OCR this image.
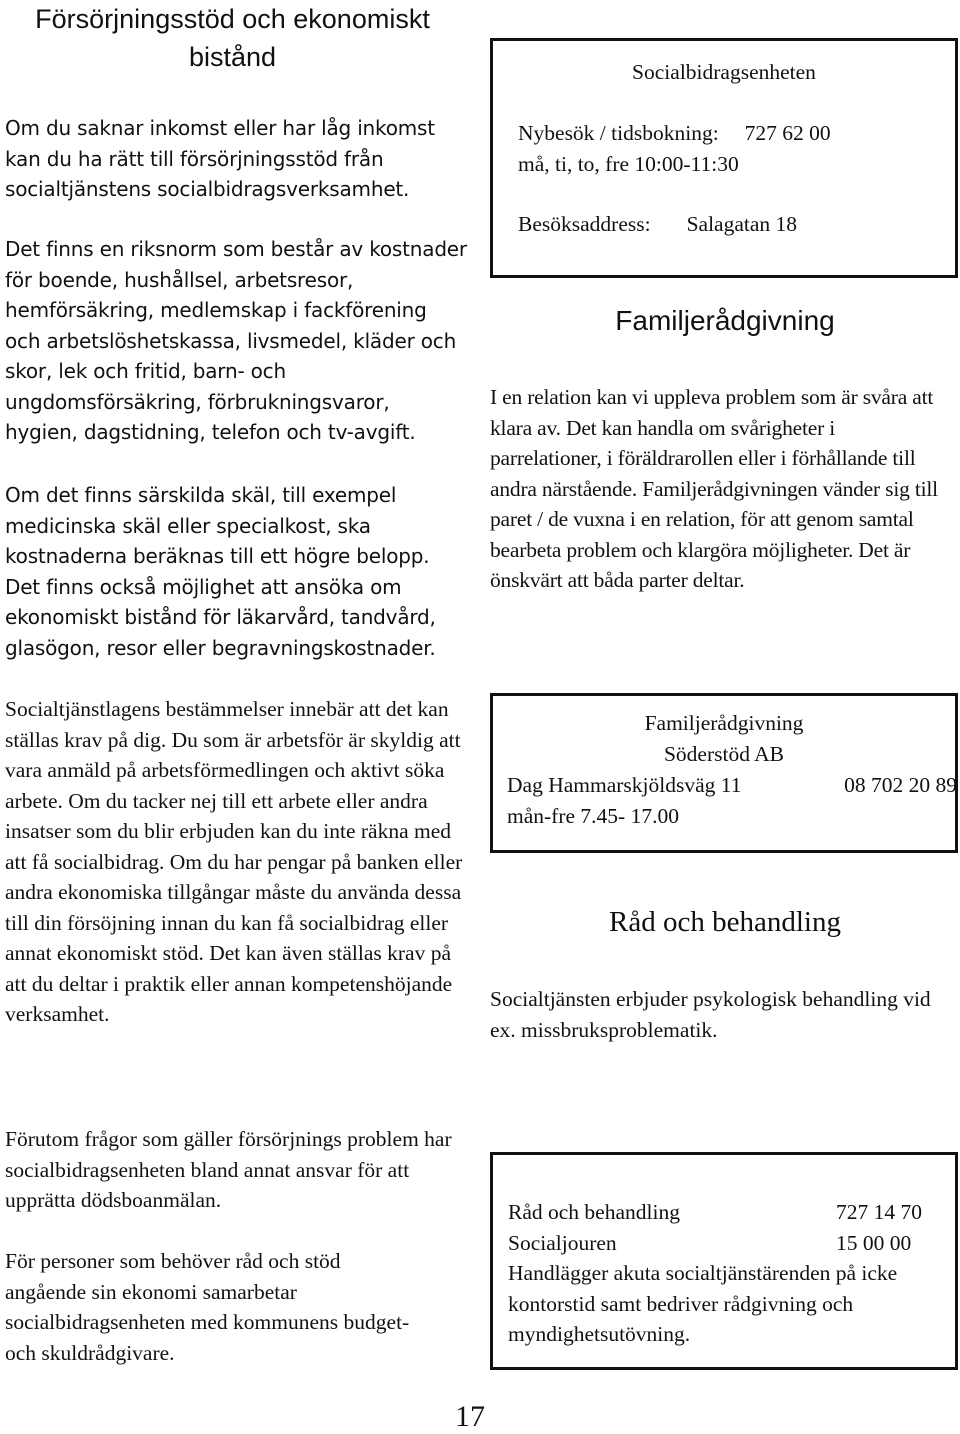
Försörjningsstöd och ekonomiskt bistånd

Om du saknar inkomst eller har låg inkomst kan du ha rätt till försörjningsstöd från socialtjänstens socialbidragsverksamhet.

Det finns en riksnorm som består av kostnader för boende, hushållsel, arbetsresor, hemförsäkring, medlemskap i fackförening och arbetslöshetskassa, livsmedel, kläder och skor, lek och fritid, barn- och ungdomsförsäkring, förbrukningsvaror, hygien, dagstidning, telefon och tv-avgift.

Om det finns särskilda skäl, till exempel medicinska skäl eller specialkost, ska kostnaderna beräknas till ett högre belopp. Det finns också möjlighet att ansöka om ekonomiskt bistånd för läkarvård, tandvård, glasögon, resor eller begravningskostnader.

Socialtjänstlagens bestämmelser innebär att det kan ställas krav på dig. Du som är arbetsför är skyldig att vara anmäld på arbetsförmedlingen och aktivt söka arbete. Om du tacker nej till ett arbete eller andra insatser som du blir erbjuden kan du inte räkna med att få socialbidrag. Om du har pengar på banken eller andra ekonomiska tillgångar måste du använda dessa till din försöjning innan du kan få socialbidrag eller annat ekonomiskt stöd. Det kan även ställas krav på att du deltar i praktik eller annan kompetenshöjande verksamhet.

Förutom frågor som gäller försörjnings problem har socialbidragsenheten bland annat ansvar för att upprätta dödsboanmälan.

För personer som behöver råd och stöd angående sin ekonomi samarbetar socialbidragsenheten med kommunens budget- och skuldrådgivare.

Socialbidragsenheten
Nybesök / tidsbokning: 727 62 00
må, ti, to, fre 10:00-11:30
Besöksaddress: Salagatan 18
Familjerådgivning

I en relation kan vi uppleva problem som är svåra att klara av. Det kan handla om svårigheter i parrelationer, i föräldrarollen eller i förhållande till andra närstående. Familjerådgivningen vänder sig till paret / de vuxna i en relation, för att genom samtal bearbeta problem och klargöra möjligheter. Det är önskvärt att båda parter deltar.

Familjerådgivning
Söderstöd AB
Dag Hammarskjöldsväg 11	08 702 20 89
mån-fre 7.45- 17.00
Råd och behandling

Socialtjänsten erbjuder psykologisk behandling vid ex. missbruksproblematik.

Råd och behandling	727 14 70
Socialjouren	15 00 00
Handlägger akuta socialtjänstärenden på icke kontorstid samt bedriver rådgivning och myndighetsutövning.
17
